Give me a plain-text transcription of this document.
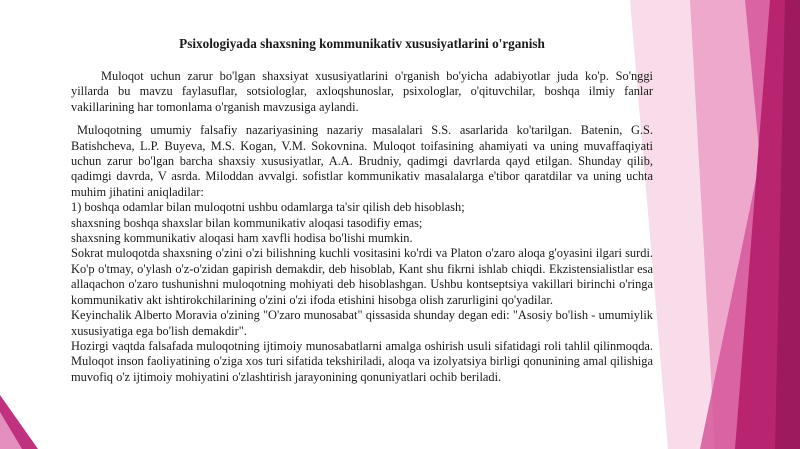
Psixologiyada shaxsning kommunikativ xususiyatlarini o'rganish

Muloqot uchun zarur bo'lgan shaxsiyat xususiyatlarini o'rganish bo'yicha adabiyotlar juda ko'p. So'nggi yillarda bu mavzu faylasuflar, sotsiologlar, axloqshunoslar, psixologlar, o'qituvchilar, boshqa ilmiy fanlar vakillarining har tomonlama o'rganish mavzusiga aylandi.

Muloqotning umumiy falsafiy nazariyasining nazariy masalalari S.S. asarlarida ko'tarilgan. Batenin, G.S. Batishcheva, L.P. Buyeva, M.S. Kogan, V.M. Sokovnina. Muloqot toifasining ahamiyati va uning muvaffaqiyati uchun zarur bo'lgan barcha shaxsiy xususiyatlar, A.A. Brudniy, qadimgi davrlarda qayd etilgan. Shunday qilib, qadimgi davrda, V asrda. Miloddan avvalgi. sofistlar kommunikativ masalalarga e'tibor qaratdilar va uning uchta muhim jihatini aniqladilar:

1) boshqa odamlar bilan muloqotni ushbu odamlarga ta'sir qilish deb hisoblash;

shaxsning boshqa shaxslar bilan kommunikativ aloqasi tasodifiy emas;

shaxsning kommunikativ aloqasi ham xavfli hodisa bo'lishi mumkin.

Sokrat muloqotda shaxsning o'zini o'zi bilishning kuchli vositasini ko'rdi va Platon o'zaro aloqa g'oyasini ilgari surdi. Ko'p o'tmay, o'ylash o'z-o'zidan gapirish demakdir, deb hisoblab, Kant shu fikrni ishlab chiqdi. Ekzistensialistlar esa allaqachon o'zaro tushunishni muloqotning mohiyati deb hisoblashgan. Ushbu kontseptsiya vakillari birinchi o'ringa kommunikativ akt ishtirokchilarining o'zini o'zi ifoda etishini hisobga olish zarurligini qo'yadilar.

Keyinchalik Alberto Moravia o'zining "O'zaro munosabat" qissasida shunday degan edi: "Asosiy bo'lish - umumiylik xususiyatiga ega bo'lish demakdir".

Hozirgi vaqtda falsafada muloqotning ijtimoiy munosabatlarni amalga oshirish usuli sifatidagi roli tahlil qilinmoqda. Muloqot inson faoliyatining o'ziga xos turi sifatida tekshiriladi, aloqa va izolyatsiya birligi qonunining amal qilishiga muvofiq o'z ijtimoiy mohiyatini o'zlashtirish jarayonining qonuniyatlari ochib beriladi.
